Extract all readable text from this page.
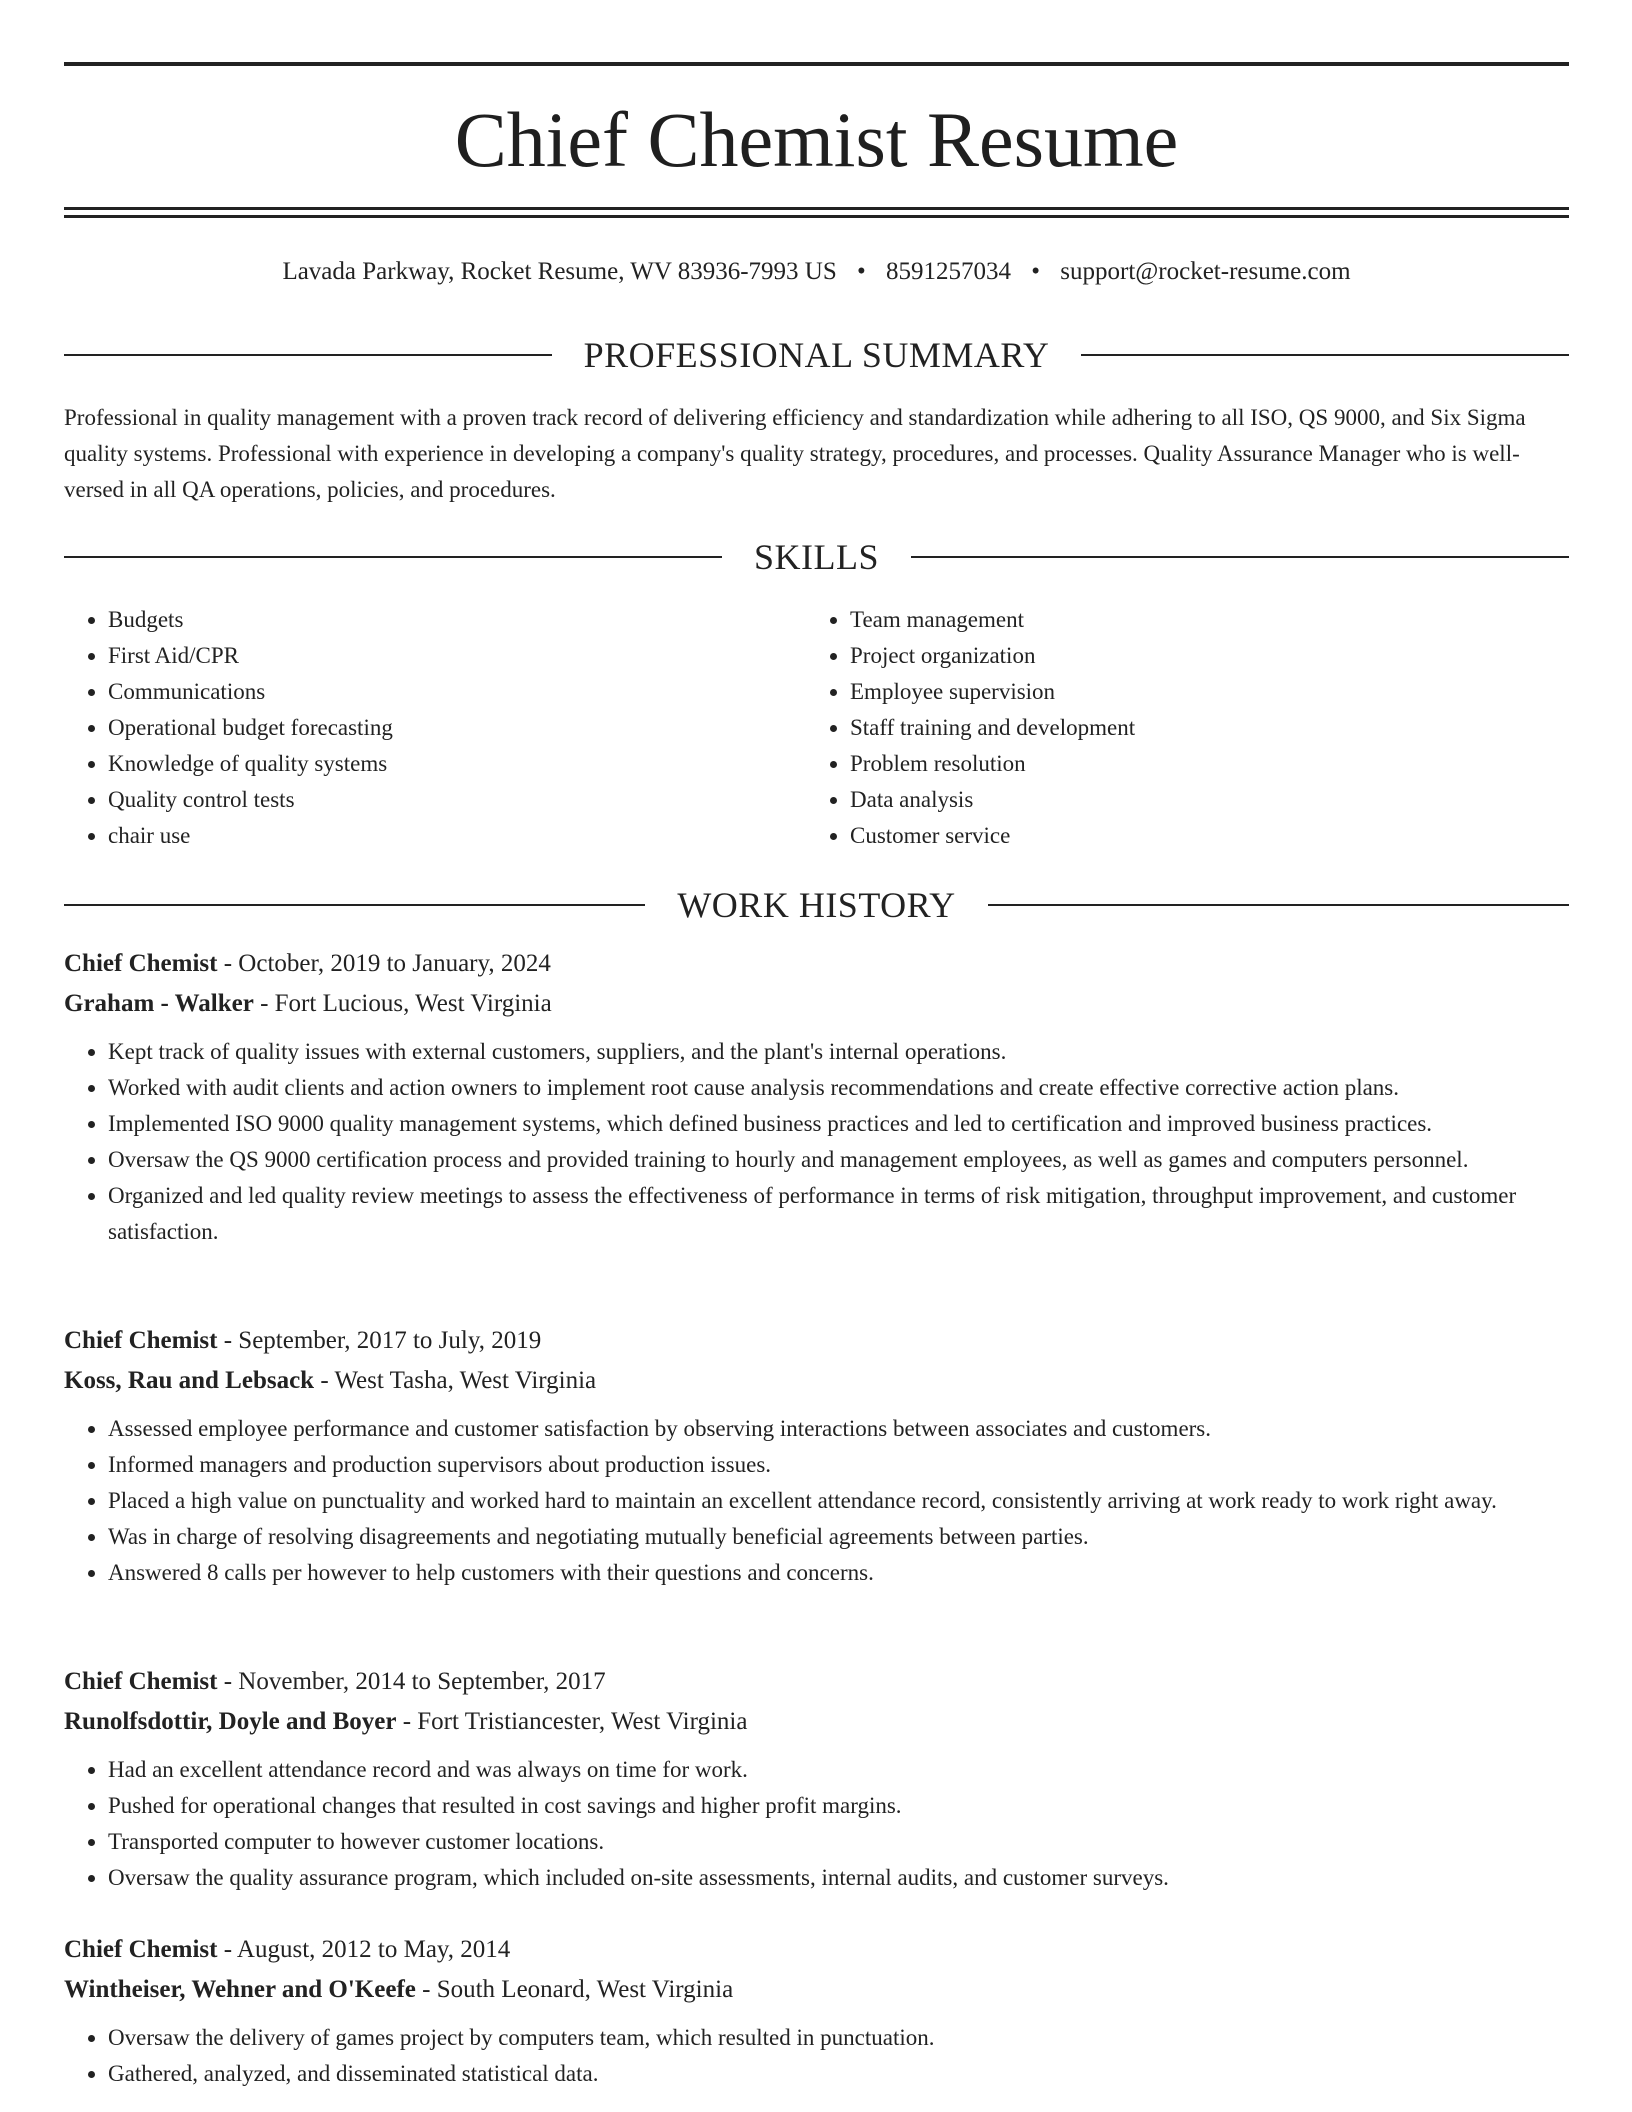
Chief Chemist Resume
Lavada Parkway, Rocket Resume, WV 83936-7993 US • 8591257034 • support@rocket-resume.com
PROFESSIONAL SUMMARY

Professional in quality management with a proven track record of delivering efficiency and standardization while adhering to all ISO, QS 9000, and Six Sigma quality systems. Professional with experience in developing a company's quality strategy, procedures, and processes. Quality Assurance Manager who is well-versed in all QA operations, policies, and procedures.

SKILLS
• Budgets
• First Aid/CPR
• Communications
• Operational budget forecasting
• Knowledge of quality systems
• Quality control tests
• chair use
• Team management
• Project organization
• Employee supervision
• Staff training and development
• Problem resolution
• Data analysis
• Customer service
WORK HISTORY
Chief Chemist - October, 2019 to January, 2024
Graham - Walker - Fort Lucious, West Virginia
• Kept track of quality issues with external customers, suppliers, and the plant's internal operations.
• Worked with audit clients and action owners to implement root cause analysis recommendations and create effective corrective action plans.
• Implemented ISO 9000 quality management systems, which defined business practices and led to certification and improved business practices.
• Oversaw the QS 9000 certification process and provided training to hourly and management employees, as well as games and computers personnel.
• Organized and led quality review meetings to assess the effectiveness of performance in terms of risk mitigation, throughput improvement, and customer satisfaction.
Chief Chemist - September, 2017 to July, 2019
Koss, Rau and Lebsack - West Tasha, West Virginia
• Assessed employee performance and customer satisfaction by observing interactions between associates and customers.
• Informed managers and production supervisors about production issues.
• Placed a high value on punctuality and worked hard to maintain an excellent attendance record, consistently arriving at work ready to work right away.
• Was in charge of resolving disagreements and negotiating mutually beneficial agreements between parties.
• Answered 8 calls per however to help customers with their questions and concerns.
Chief Chemist - November, 2014 to September, 2017
Runolfsdottir, Doyle and Boyer - Fort Tristiancester, West Virginia
• Had an excellent attendance record and was always on time for work.
• Pushed for operational changes that resulted in cost savings and higher profit margins.
• Transported computer to however customer locations.
• Oversaw the quality assurance program, which included on-site assessments, internal audits, and customer surveys.
Chief Chemist - August, 2012 to May, 2014
Wintheiser, Wehner and O'Keefe - South Leonard, West Virginia
• Oversaw the delivery of games project by computers team, which resulted in punctuation.
• Gathered, analyzed, and disseminated statistical data.
